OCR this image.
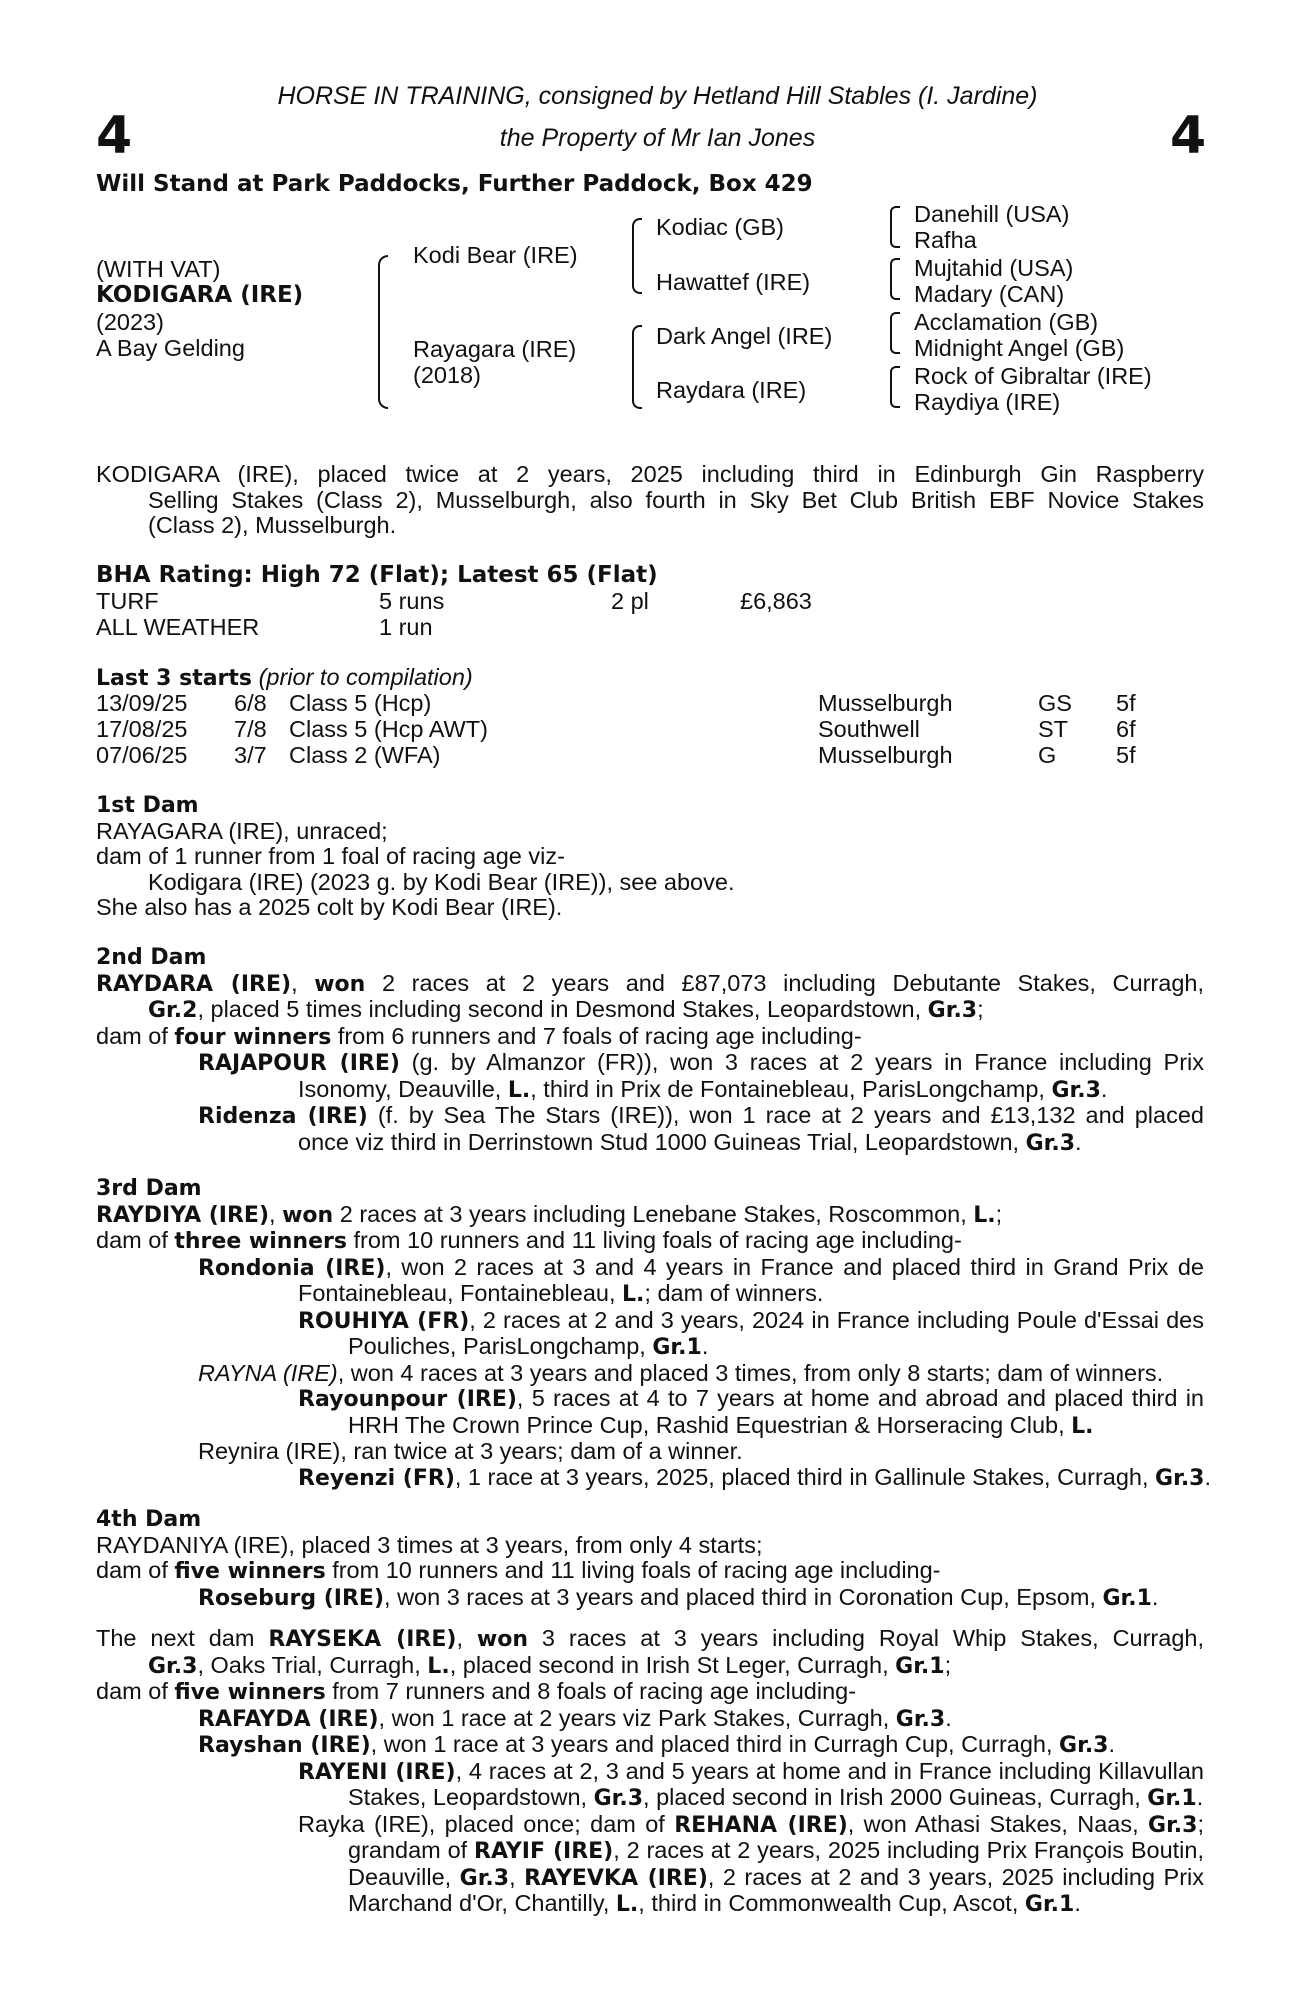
4	4
HORSE IN TRAINING, consigned by Hetland Hill Stables (I. Jardine)
the Property of Mr Ian Jones
Will Stand at Park Paddocks, Further Paddock, Box 429
(WITH VAT)
KODIGARA (IRE)
(2023)
A Bay Gelding
Kodi Bear (IRE)
Rayagara (IRE)
(2018)
Kodiac (GB)
Hawattef (IRE)
Dark Angel (IRE)
Raydara (IRE)
Danehill (USA)
Rafha
Mujtahid (USA)
Madary (CAN)
Acclamation (GB)
Midnight Angel (GB)
Rock of Gibraltar (IRE)
Raydiya (IRE)
KODIGARA (IRE), placed twice at 2 years, 2025 including third in Edinburgh Gin Raspberry
Selling Stakes (Class 2), Musselburgh, also fourth in Sky Bet Club British EBF Novice Stakes
(Class 2), Musselburgh.
BHA Rating: High 72 (Flat); Latest 65 (Flat)
TURF	5 runs	2 pl	£6,863
ALL WEATHER	1 run
Last 3 starts (prior to compilation)
13/09/25 6/8 Class 5 (Hcp)	Musselburgh	GS 5f
17/08/25 7/8 Class 5 (Hcp AWT)	Southwell	ST 6f
07/06/25 3/7 Class 2 (WFA)	Musselburgh	G	5f
1st Dam
RAYAGARA (IRE), unraced;
dam of 1 runner from 1 foal of racing age viz-
Kodigara (IRE) (2023 g. by Kodi Bear (IRE)), see above.
She also has a 2025 colt by Kodi Bear (IRE).
2nd Dam
RAYDARA (IRE), won 2 races at 2 years and £87,073 including Debutante Stakes, Curragh,
Gr.2, placed 5 times including second in Desmond Stakes, Leopardstown, Gr.3;
dam of four winners from 6 runners and 7 foals of racing age including-
RAJAPOUR (IRE) (g. by Almanzor (FR)), won 3 races at 2 years in France including Prix
Isonomy, Deauville, L., third in Prix de Fontainebleau, ParisLongchamp, Gr.3.
Ridenza (IRE) (f. by Sea The Stars (IRE)), won 1 race at 2 years and £13,132 and placed
once viz third in Derrinstown Stud 1000 Guineas Trial, Leopardstown, Gr.3.
3rd Dam
RAYDIYA (IRE), won 2 races at 3 years including Lenebane Stakes, Roscommon, L.;
dam of three winners from 10 runners and 11 living foals of racing age including-
Rondonia (IRE), won 2 races at 3 and 4 years in France and placed third in Grand Prix de
Fontainebleau, Fontainebleau, L.; dam of winners.
ROUHIYA (FR), 2 races at 2 and 3 years, 2024 in France including Poule d'Essai des
Pouliches, ParisLongchamp, Gr.1.
RAYNA (IRE), won 4 races at 3 years and placed 3 times, from only 8 starts; dam of winners.
Rayounpour (IRE), 5 races at 4 to 7 years at home and abroad and placed third in
HRH The Crown Prince Cup, Rashid Equestrian & Horseracing Club, L.
Reynira (IRE), ran twice at 3 years; dam of a winner.
Reyenzi (FR), 1 race at 3 years, 2025, placed third in Gallinule Stakes, Curragh, Gr.3.
4th Dam
RAYDANIYA (IRE), placed 3 times at 3 years, from only 4 starts;
dam of five winners from 10 runners and 11 living foals of racing age including-
Roseburg (IRE), won 3 races at 3 years and placed third in Coronation Cup, Epsom, Gr.1.
The next dam RAYSEKA (IRE), won 3 races at 3 years including Royal Whip Stakes, Curragh,
Gr.3, Oaks Trial, Curragh, L., placed second in Irish St Leger, Curragh, Gr.1;
dam of five winners from 7 runners and 8 foals of racing age including-
RAFAYDA (IRE), won 1 race at 2 years viz Park Stakes, Curragh, Gr.3.
Rayshan (IRE), won 1 race at 3 years and placed third in Curragh Cup, Curragh, Gr.3.
RAYENI (IRE), 4 races at 2, 3 and 5 years at home and in France including Killavullan
Stakes, Leopardstown, Gr.3, placed second in Irish 2000 Guineas, Curragh, Gr.1.
Rayka (IRE), placed once; dam of REHANA (IRE), won Athasi Stakes, Naas, Gr.3;
grandam of RAYIF (IRE), 2 races at 2 years, 2025 including Prix François Boutin,
Deauville, Gr.3, RAYEVKA (IRE), 2 races at 2 and 3 years, 2025 including Prix
Marchand d'Or, Chantilly, L., third in Commonwealth Cup, Ascot, Gr.1.
